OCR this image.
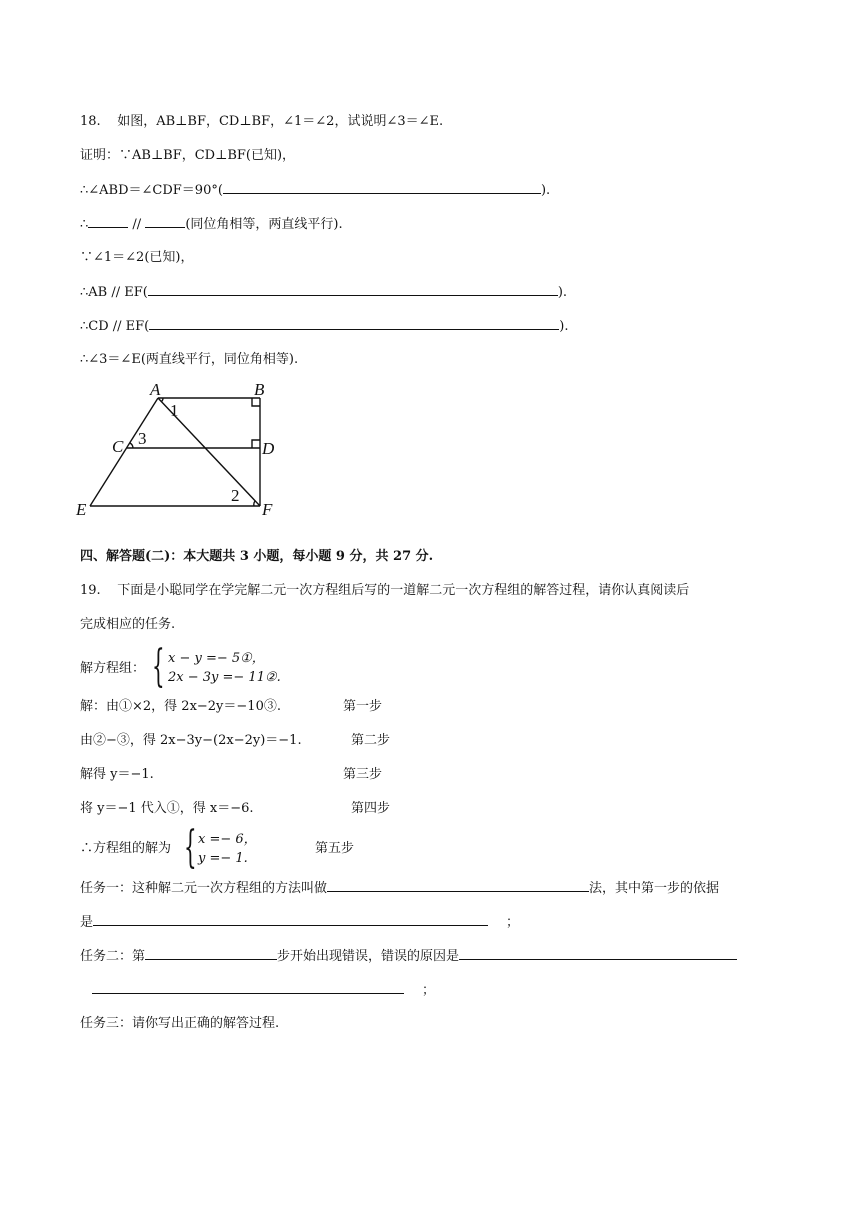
18. 如图，AB⊥BF，CD⊥BF，∠1＝∠2，试说明∠3＝∠E.
证明：∵AB⊥BF，CD⊥BF(已知)，
∴∠ABD＝∠CDF＝90°(	).
∴	//	(同位角相等，两直线平行).
∵∠1＝∠2(已知)，
∴AB // EF(	).
∴CD // EF(	).
∴∠3＝∠E(两直线平行，同位角相等).
A	B
C	D
E	F
1
2
3
四、解答题(二)：本大题共 3 小题，每小题 9 分，共 27 分.
19. 下面是小聪同学在学完解二元一次方程组后写的一道解二元一次方程组的解答过程，请你认真阅读后
完成相应的任务.
解方程组： { x − y =− 5①，
2x − 3y =− 11②.
解：由①×2，得 2x−2y＝−10③.	第一步
由②−③，得 2x−3y−(2x−2y)＝−1.	第二步
解得 y＝−1.	第三步
将 y＝−1 代入①，得 x＝−6.	第四步
∴方程组的解为 { x =− 6，
y =− 1.
第五步
任务一：这种解二元一次方程组的方法叫做	法，其中第一步的依据
是	；
任务二：第	步开始出现错误，错误的原因是
；
任务三：请你写出正确的解答过程.
